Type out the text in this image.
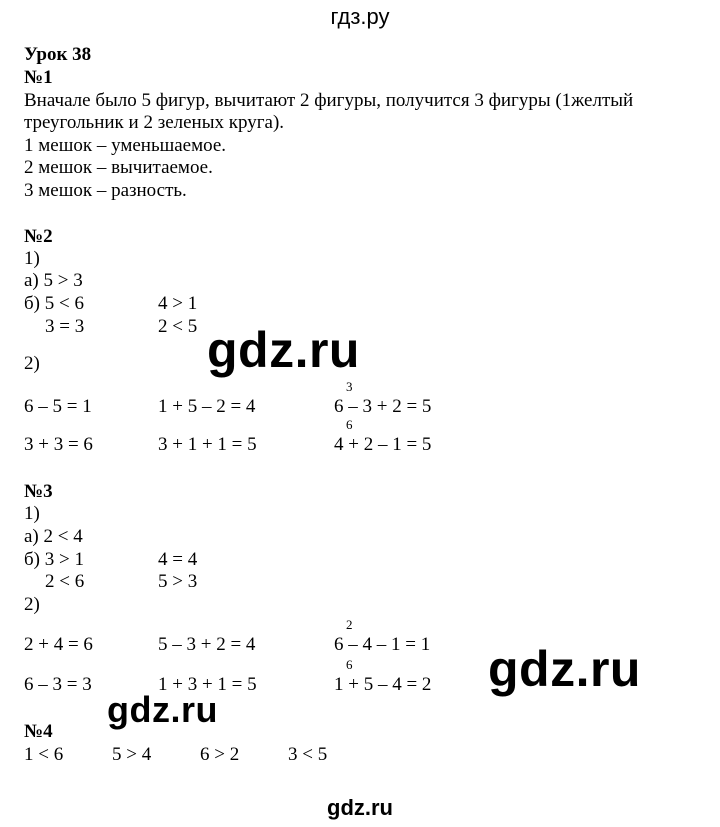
гдз.ру
Урок 38
№1
Вначале было 5 фигур, вычитают 2 фигуры, получится 3 фигуры (1желтый
треугольник и 2 зеленых круга).
1 мешок – уменьшаемое.
2 мешок – вычитаемое.
3 мешок – разность.
№2
1)
а) 5 > 3
б) 5 < 6	4 > 1
3 = 3	2 < 5
2)
3
6 – 5 = 1	1 + 5 – 2 = 4	6 – 3 + 2 = 5
6
3 + 3 = 6	3 + 1 + 1 = 5	4 + 2 – 1 = 5
№3
1)
а) 2 < 4
б) 3 > 1	4 = 4
2 < 6	5 > 3
2)
2
2 + 4 = 6	5 – 3 + 2 = 4	6 – 4 – 1 = 1
6
6 – 3 = 3	1 + 3 + 1 = 5	1 + 5 – 4 = 2
№4
1 < 6	5 > 4	6 > 2	3 < 5
gdz.ru
gdz.ru
gdz.ru
gdz.ru
